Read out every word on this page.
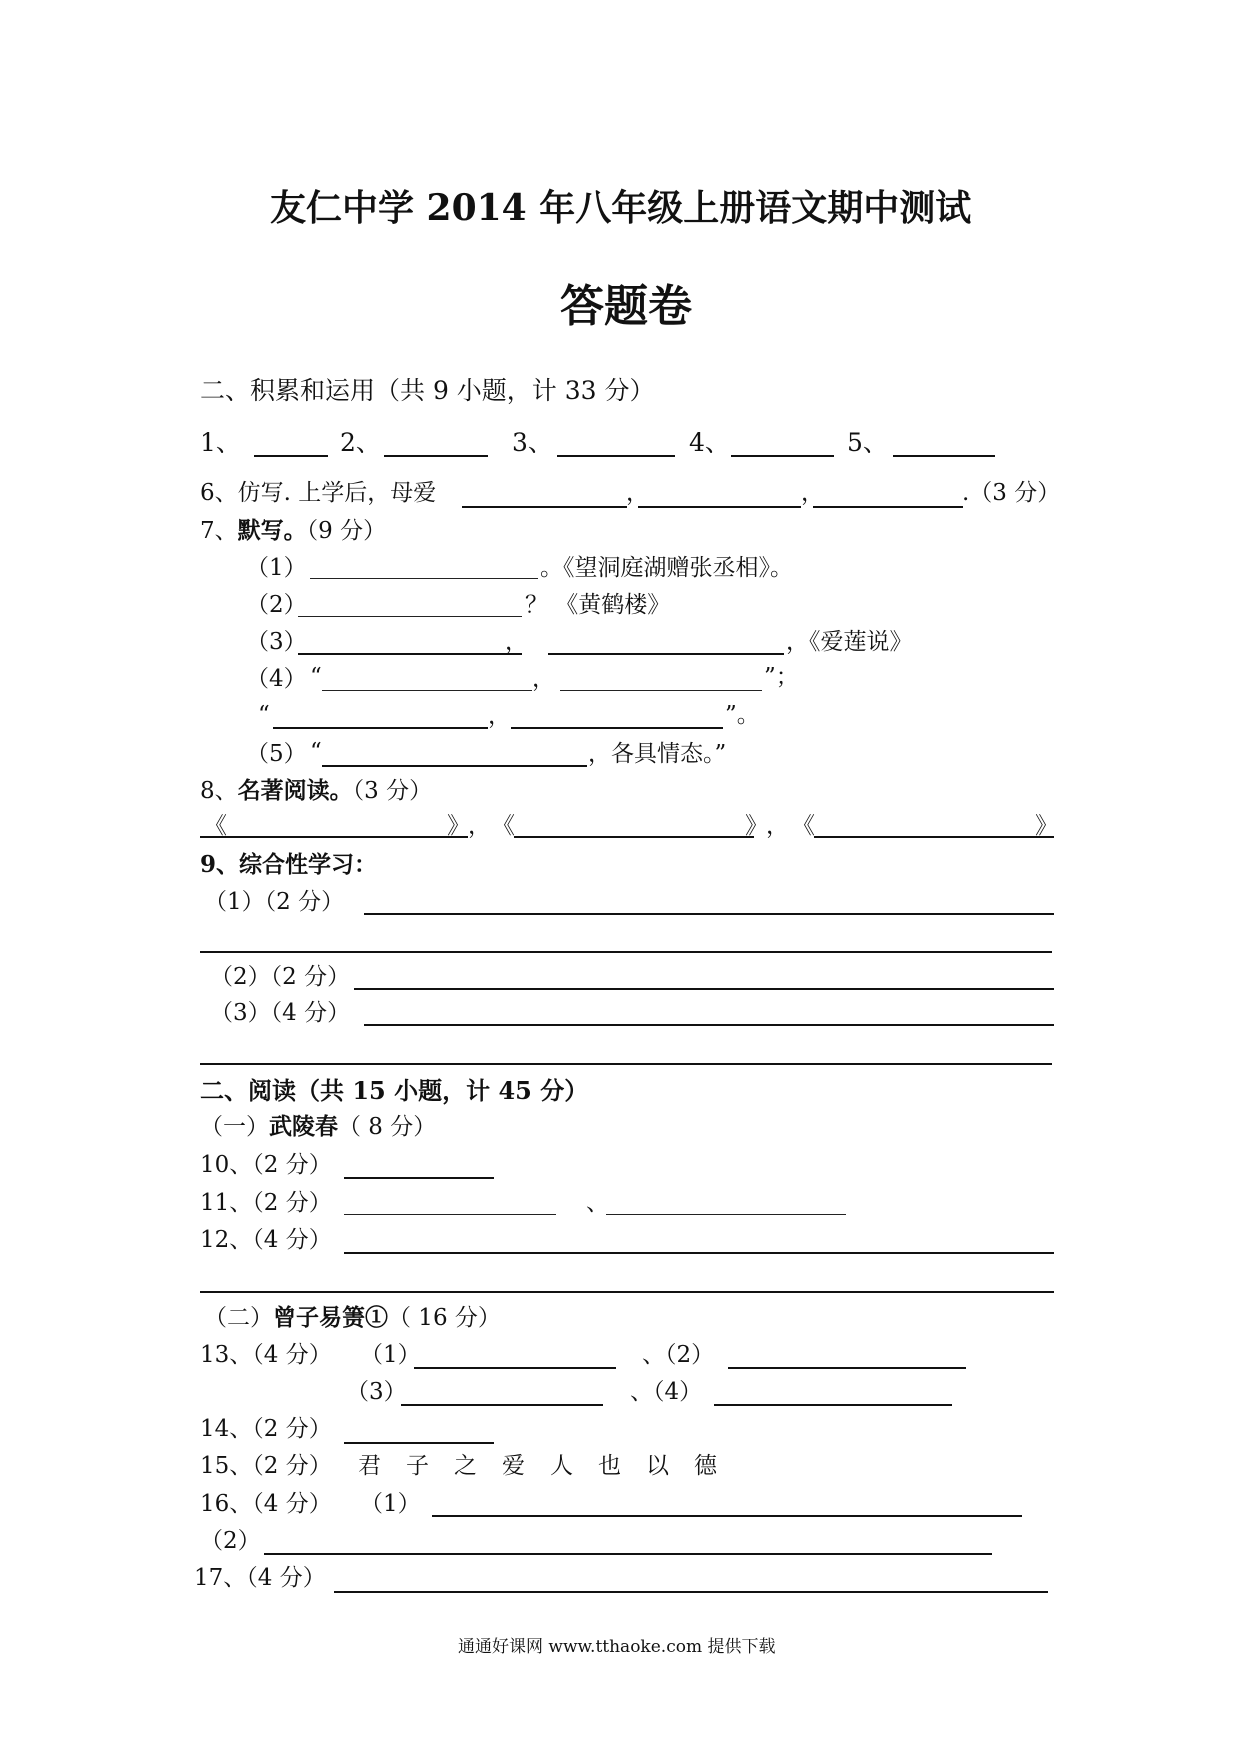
友仁中学 2014 年八年级上册语文期中测试
答题卷
二、积累和运用（共 9 小题，计 33 分）
1、	2、	3、	4、	5、
6、仿写. 上学后，母爱	，	，	.（3 分）
7、默写。（9 分）
（1）	。《望洞庭湖赠张丞相》。
（2）	？ 《黄鹤楼》
（3）	，	，《爱莲说》
（4） “	，	”；
“	，	”。
（5） “	，各具情态。”
8、名著阅读。（3 分）
《	》
， 《	》
， 《	》
9、综合性学习：
（1）（2 分）
（2）（2 分）
（3）（4 分）
二、阅读（共 15 小题，计 45 分）
（一）武陵春（ 8 分）
10、（2 分）
11、（2 分）	、
12、（4 分）
（二）曾子易箦①（ 16 分）
13、（4 分） （1）	、（2）
（3）	、（4）
14、（2 分）
15、（2 分） 君子之爱人也以德
16、（4 分） （1）
（2）
17、（4 分）
通通好课网 www.tthaoke.com 提供下载
